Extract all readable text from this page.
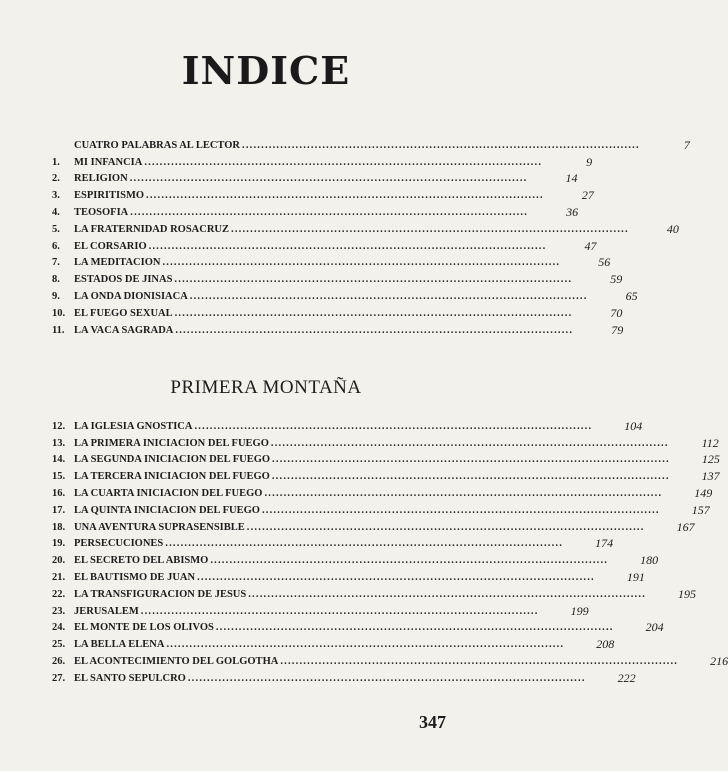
INDICE
CUATRO PALABRAS AL LECTOR ........................................................................................................	7
1.	MI INFANCIA ........................................................................................................	9
2.	RELIGION ........................................................................................................	14
3.	ESPIRITISMO ........................................................................................................	27
4.	TEOSOFIA ........................................................................................................	36
5.	LA FRATERNIDAD ROSACRUZ ........................................................................................................	40
6.	EL CORSARIO ........................................................................................................	47
7.	LA MEDITACION ........................................................................................................	56
8.	ESTADOS DE JINAS ........................................................................................................	59
9.	LA ONDA DIONISIACA ........................................................................................................	65
10. EL FUEGO SEXUAL ........................................................................................................	70
11. LA VACA SAGRADA ........................................................................................................	79
PRIMERA MONTAÑA
12. LA IGLESIA GNOSTICA ........................................................................................................	104
13. LA PRIMERA INICIACION DEL FUEGO ........................................................................................................	112
14. LA SEGUNDA INICIACION DEL FUEGO ........................................................................................................	125
15. LA TERCERA INICIACION DEL FUEGO ........................................................................................................	137
16. LA CUARTA INICIACION DEL FUEGO ........................................................................................................	149
17. LA QUINTA INICIACION DEL FUEGO ........................................................................................................	157
18. UNA AVENTURA SUPRASENSIBLE ........................................................................................................	167
19. PERSECUCIONES ........................................................................................................	174
20. EL SECRETO DEL ABISMO ........................................................................................................	180
21. EL BAUTISMO DE JUAN ........................................................................................................	191
22. LA TRANSFIGURACION DE JESUS ........................................................................................................	195
23. JERUSALEM ........................................................................................................	199
24. EL MONTE DE LOS OLIVOS ........................................................................................................	204
25. LA BELLA ELENA ........................................................................................................	208
26. EL ACONTECIMIENTO DEL GOLGOTHA ........................................................................................................	216
27. EL SANTO SEPULCRO ........................................................................................................	222
347
